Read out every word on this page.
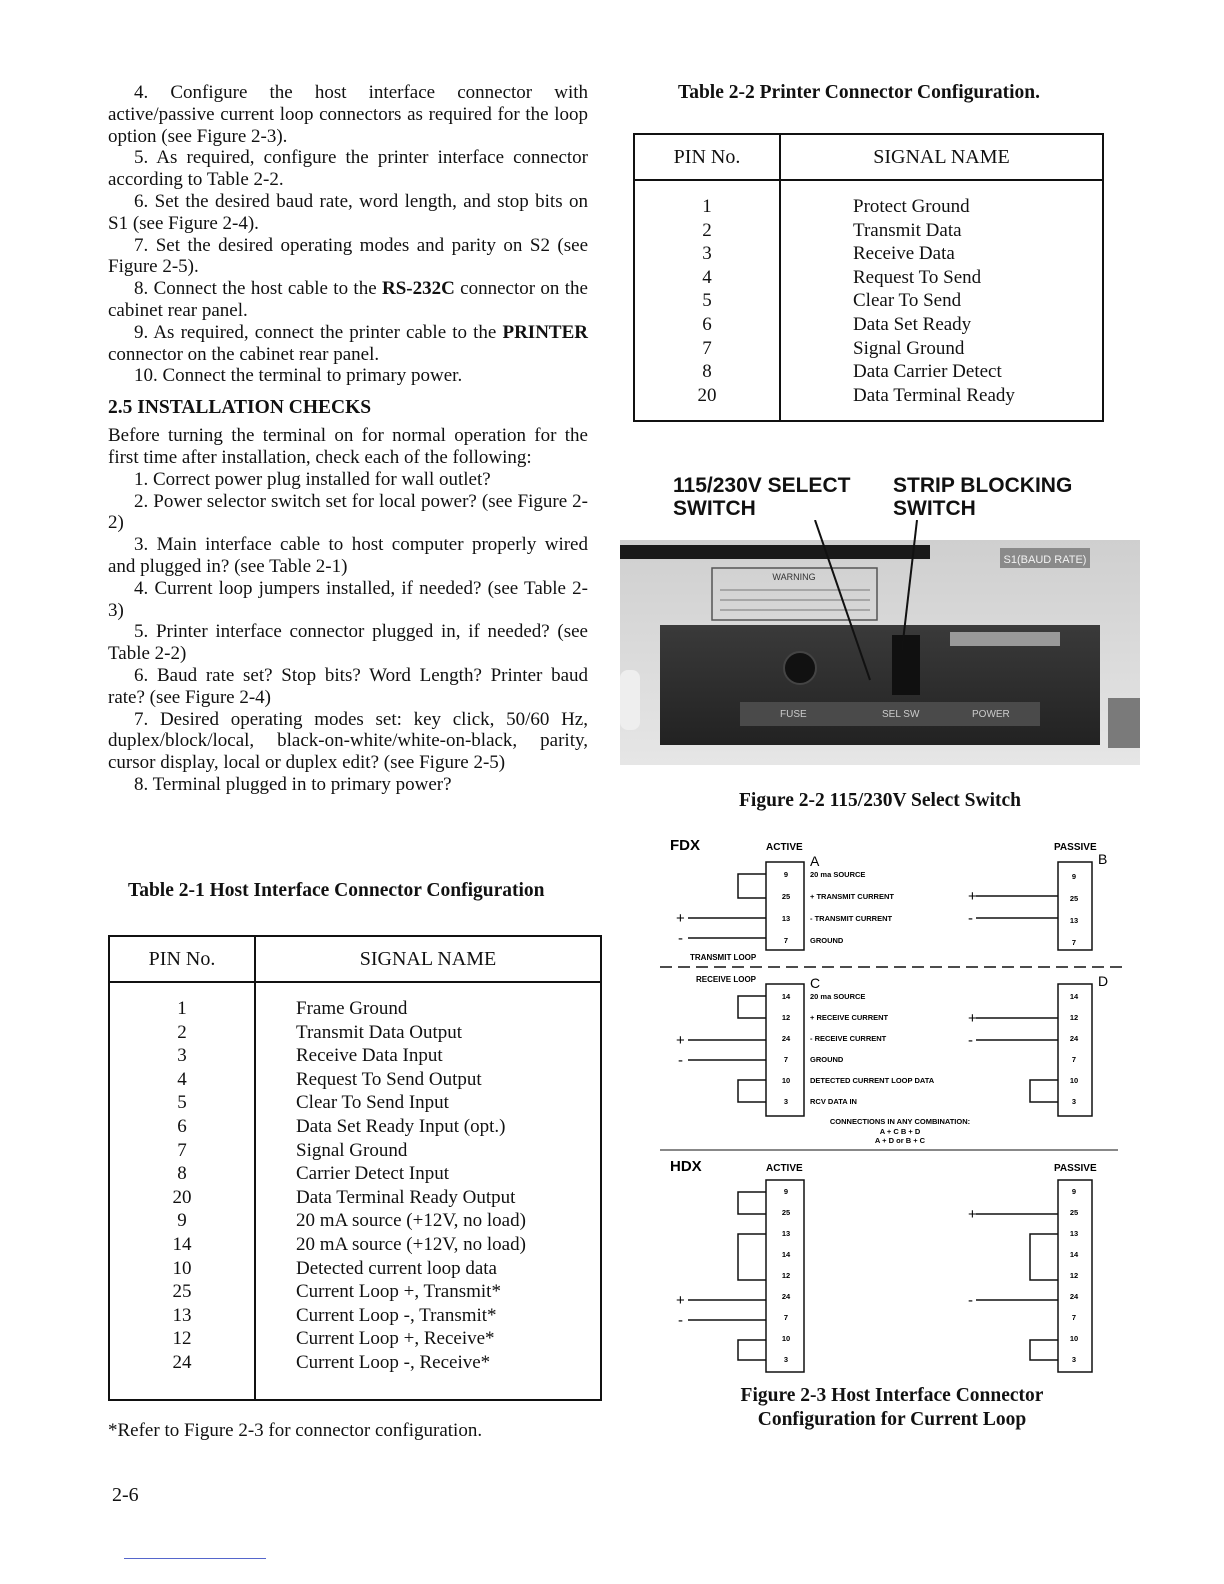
4. Configure the host interface connector with active/passive current loop connectors as required for the loop option (see Figure 2-3).

5. As required, configure the printer interface connector according to Table 2-2.

6. Set the desired baud rate, word length, and stop bits on S1 (see Figure 2-4).

7. Set the desired operating modes and parity on S2 (see Figure 2-5).

8. Connect the host cable to the RS-232C connector on the cabinet rear panel.

9. As required, connect the printer cable to the PRINTER connector on the cabinet rear panel.

10. Connect the terminal to primary power.

2.5 INSTALLATION CHECKS

Before turning the terminal on for normal operation for the first time after installation, check each of the following:

1. Correct power plug installed for wall outlet?

2. Power selector switch set for local power? (see Figure 2-2)

3. Main interface cable to host computer properly wired and plugged in? (see Table 2-1)

4. Current loop jumpers installed, if needed? (see Table 2-3)

5. Printer interface connector plugged in, if needed? (see Table 2-2)

6. Baud rate set? Stop bits? Word Length? Printer baud rate? (see Figure 2-4)

7. Desired operating modes set: key click, 50/60 Hz, duplex/block/local, black-on-white/white-on-black, parity, cursor display, local or duplex edit? (see Figure 2-5)

8. Terminal plugged in to primary power?

Table 2-1 Host Interface Connector Configuration
PIN No.	SIGNAL NAME
1	Frame Ground
2	Transmit Data Output
3	Receive Data Input
4	Request To Send Output
5	Clear To Send Input
6	Data Set Ready Input (opt.)
7	Signal Ground
8	Carrier Detect Input
20	Data Terminal Ready Output
9	20 mA source (+12V, no load)
14	20 mA source (+12V, no load)
10	Detected current loop data
25	Current Loop +, Transmit*
13	Current Loop -, Transmit*
12	Current Loop +, Receive*
24	Current Loop -, Receive*

*Refer to Figure 2-3 for connector configuration.
2-6
Table 2-2 Printer Connector Configuration.
PIN No.	SIGNAL NAME
1	Protect Ground
2	Transmit Data
3	Receive Data
4	Request To Send
5	Clear To Send
6	Data Set Ready
7	Signal Ground
8	Data Carrier Detect
20	Data Terminal Ready

115/230V SELECT SWITCH
STRIP BLOCKING SWITCH
S1(BAUD RATE)
WARNING
FUSE	SEL SW	POWER
Figure 2-2 115/230V Select Switch
FDX	ACTIVE	PASSIVE
A	B
9	20 ma SOURCE
25	+ TRANSMIT CURRENT
13	- TRANSMIT CURRENT
7	GROUND
+
-
9
25
13
7
+
-
TRANSMIT LOOP
RECEIVE LOOP	C	D
14	20 ma SOURCE
12	+ RECEIVE CURRENT
24	- RECEIVE CURRENT
7	GROUND
10	DETECTED CURRENT LOOP DATA
3	RCV DATA IN
+
-
14
12
24
7
10
3
+
-
CONNECTIONS IN ANY COMBINATION:
A + C B + D
A + D or B + C
HDX	ACTIVE	PASSIVE
9
25
13
14
12
24
7
10
3
+
-
9
25
13
14
12
24
7
10
3
+
-
Figure 2-3 Host Interface Connector
Configuration for Current Loop
